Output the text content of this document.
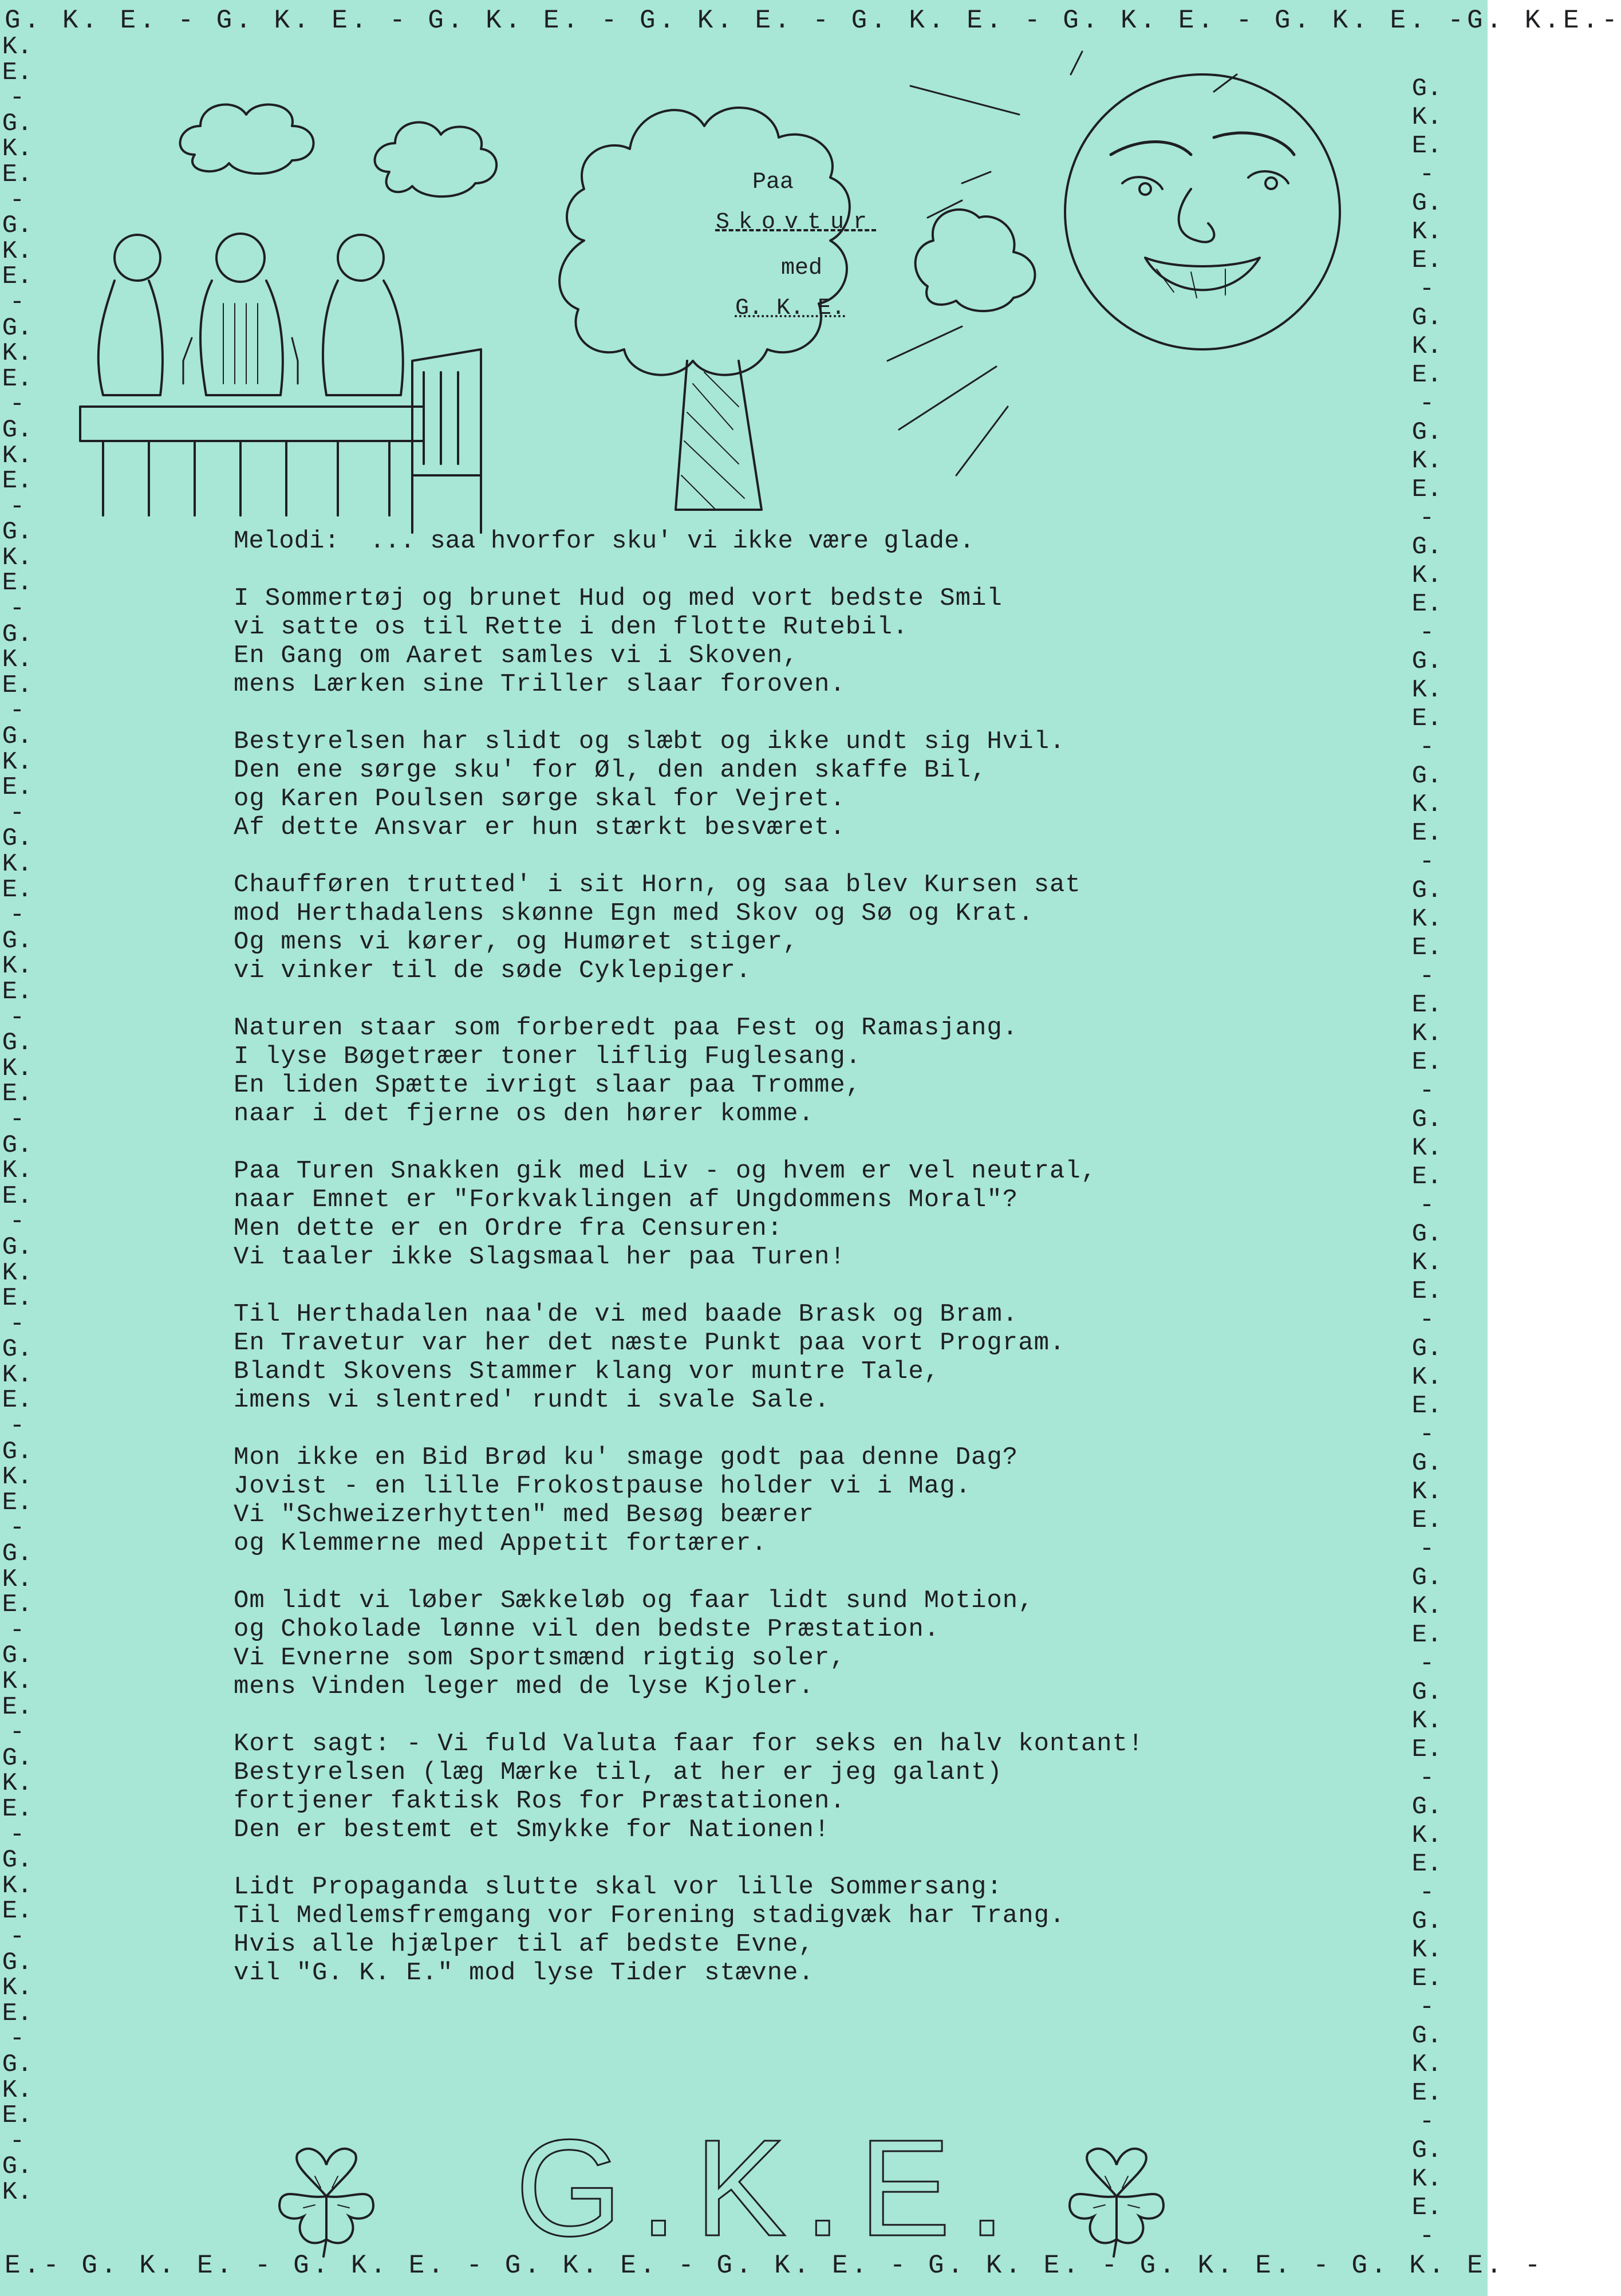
G. K. E. - G. K. E. - G. K. E. - G. K. E. - G. K. E. - G. K. E. - G. K. E. -G. K.E.-
E.- G. K. E. - G. K. E. - G. K. E. - G. K. E. - G. K. E. - G. K. E. - G. K. E. -
K.
E.
-
G.
K.
E.
-
G.
K.
E.
-
G.
K.
E.
-
G.
K.
E.
-
G.
K.
E.
-
G.
K.
E.
-
G.
K.
E.
-
G.
K.
E.
-
G.
K.
E.
-
G.
K.
E.
-
G.
K.
E.
-
G.
K.
E.
-
G.
K.
E.
-
G.
K.
E.
-
G.
K.
E.
-
G.
K.
E.
-
G.
K.
E.
-
G.
K.
E.
-
G.
K.
E.
-
G.
K.
E.
-
G.
K.
G.
K.
E.
-
G.
K.
E.
-
G.
K.
E.
-
G.
K.
E.
-
G.
K.
E.
-
G.
K.
E.
-
G.
K.
E.
-
G.
K.
E.
-
E.
K.
E.
-
G.
K.
E.
-
G.
K.
E.
-
G.
K.
E.
-
G.
K.
E.
-
G.
K.
E.
-
G.
K.
E.
-
G.
K.
E.
-
G.
K.
E.
-
G.
K.
E.
-
G.
K.
E.
-
Paa
Skovtur
med
G. K. E.
Melodi:  ... saa hvorfor sku' vi ikke være glade.
I Sommertøj og brunet Hud og med vort bedste Smil
vi satte os til Rette i den flotte Rutebil.
En Gang om Aaret samles vi i Skoven,
mens Lærken sine Triller slaar foroven.
Bestyrelsen har slidt og slæbt og ikke undt sig Hvil.
Den ene sørge sku' for Øl, den anden skaffe Bil,
og Karen Poulsen sørge skal for Vejret.
Af dette Ansvar er hun stærkt besværet.
Chaufføren trutted' i sit Horn, og saa blev Kursen sat
mod Herthadalens skønne Egn med Skov og Sø og Krat.
Og mens vi kører, og Humøret stiger,
vi vinker til de søde Cyklepiger.
Naturen staar som forberedt paa Fest og Ramasjang.
I lyse Bøgetræer toner liflig Fuglesang.
En liden Spætte ivrigt slaar paa Tromme,
naar i det fjerne os den hører komme.
Paa Turen Snakken gik med Liv - og hvem er vel neutral,
naar Emnet er "Forkvaklingen af Ungdommens Moral"?
Men dette er en Ordre fra Censuren:
Vi taaler ikke Slagsmaal her paa Turen!
Til Herthadalen naa'de vi med baade Brask og Bram.
En Travetur var her det næste Punkt paa vort Program.
Blandt Skovens Stammer klang vor muntre Tale,
imens vi slentred' rundt i svale Sale.
Mon ikke en Bid Brød ku' smage godt paa denne Dag?
Jovist - en lille Frokostpause holder vi i Mag.
Vi "Schweizerhytten" med Besøg beærer
og Klemmerne med Appetit fortærer.
Om lidt vi løber Sækkeløb og faar lidt sund Motion,
og Chokolade lønne vil den bedste Præstation.
Vi Evnerne som Sportsmænd rigtig soler,
mens Vinden leger med de lyse Kjoler.
Kort sagt: - Vi fuld Valuta faar for seks en halv kontant!
Bestyrelsen (læg Mærke til, at her er jeg galant)
fortjener faktisk Ros for Præstationen.
Den er bestemt et Smykke for Nationen!
Lidt Propaganda slutte skal vor lille Sommersang:
Til Medlemsfremgang vor Forening stadigvæk har Trang.
Hvis alle hjælper til af bedste Evne,
vil "G. K. E." mod lyse Tider stævne.
G.K.E.
